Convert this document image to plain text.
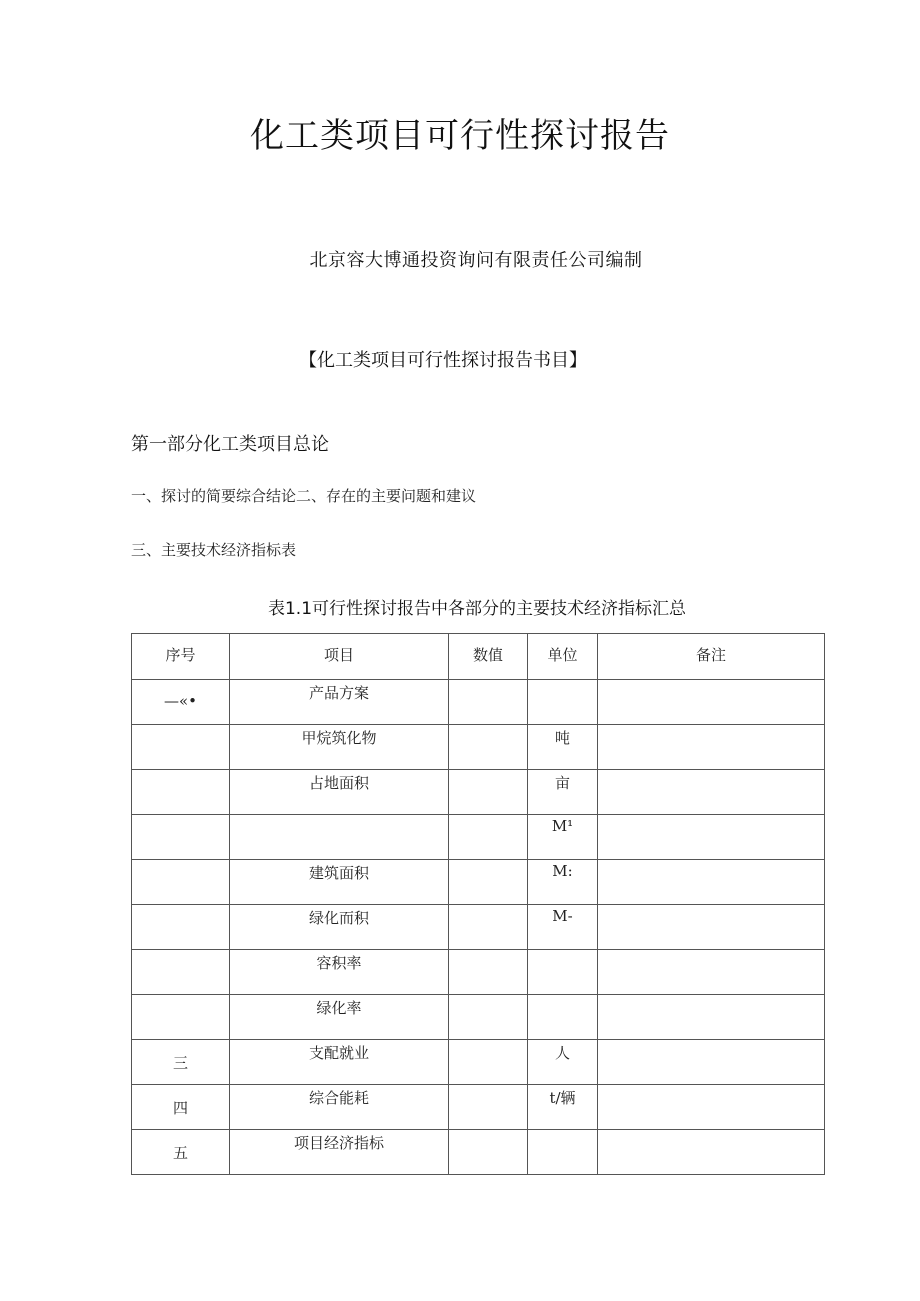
化工类项目可行性探讨报告
北京容大博通投资询问有限责任公司编制
【化工类项目可行性探讨报告书目】
第一部分化工类项目总论
一、探讨的简要综合结论二、存在的主要问题和建议
三、主要技术经济指标表
表1.1可行性探讨报告中各部分的主要技术经济指标汇总
序号	项目	数值	单位	备注
—«•	产品方案			
	甲烷筑化物		吨	
	占地面积		亩	
			M¹	
	建筑面积		M:	
	绿化而积		M-	
	容积率			
	绿化率			
三	支配就业		人	
四	综合能耗		t/辆	
五	项目经济指标			
